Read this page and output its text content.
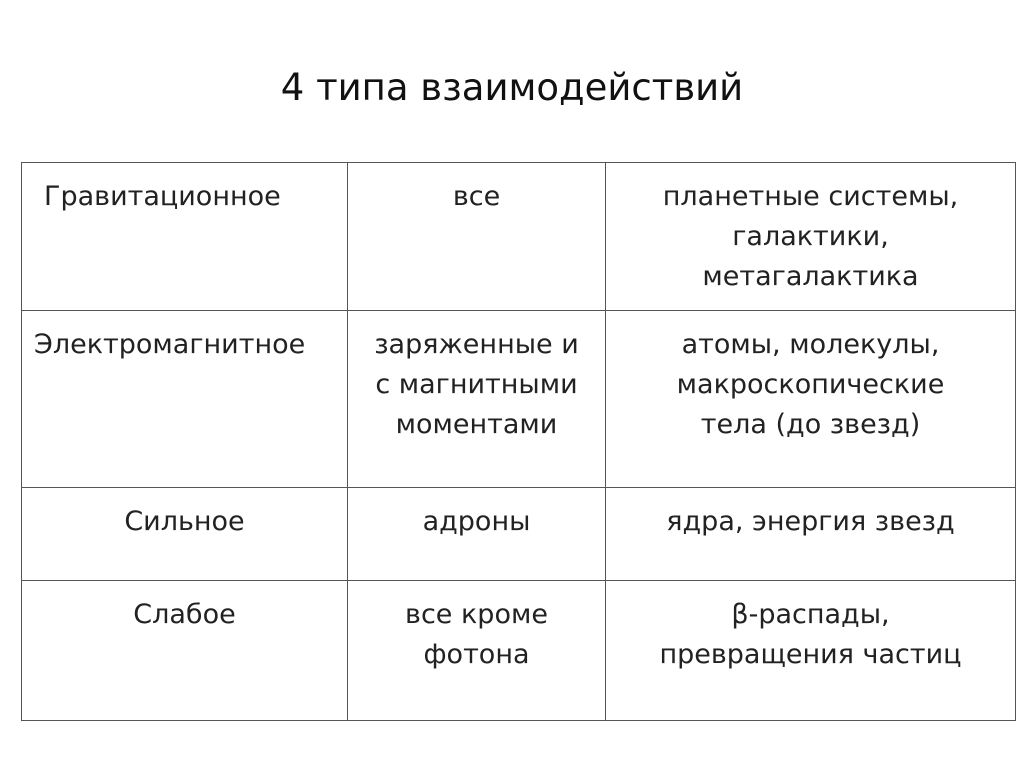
4 типа взаимодействий
Гравитационное	все	планетные системы,
галактики,
метагалактика

Электромагнитное	заряженные и
с магнитными
моментами	атомы, молекулы,
макроскопические
тела (до звезд)

Сильное	адроны	ядра, энергия звезд

Слабое	все кроме
фотона	β-распады,
превращения частиц
